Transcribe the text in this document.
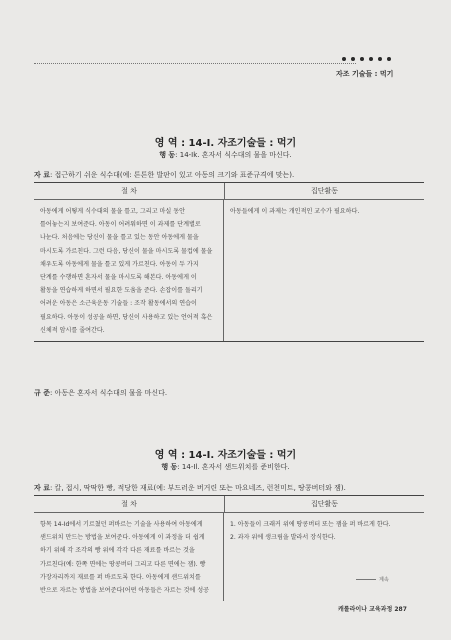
자조 기술들 : 먹기
영 역 : 14-Ⅰ. 자조기술들 : 먹기
행 동: 14-Ⅰk. 혼자서 식수대의 물을 마신다.
자 료: 접근하기 쉬운 식수대(예: 튼튼한 발판이 있고 아동의 크기와 표준규격에 맞는).
절 차	집단활동
아동에게 어떻게 식수대의 물을 틀고, 그리고 마실 동안 틀어놓는지 보여준다. 아동이 어려워하면 이 과제를 단계별로 나눈다. 처음에는 당신이 물을 틀고 있는 동안 아동에게 물을 마시도록 가르친다. 그런 다음, 당신이 물을 마시도록 물컵에 물을 채우도록 아동에게 물을 틀고 있게 가르친다. 아동이 두 가지 단계를 수행하면 혼자서 물을 마시도록 해본다. 아동에게 이 활동을 연습하게 하면서 필요한 도움을 준다. 손잡이를 돌리기 어려운 아동은 소근육운동 기술들 : 조작 활동에서의 연습이 필요하다. 아동이 성공을 하면, 당신이 사용하고 있는 언어적 혹은 신체적 암시를 줄여간다.
아동들에게 이 과제는 개인적인 교수가 필요하다.
규 준: 아동은 혼자서 식수대의 물을 마신다.
영 역 : 14-Ⅰ. 자조기술들 : 먹기
행 동: 14-Ⅰl. 혼자서 샌드위치를 준비한다.
자 료: 칼, 접시, 딱딱한 빵, 적당한 재료(예: 부드러운 버거린 또는 마요네즈, 런천미트, 땅콩버터와 잼).
절 차	집단활동
항목 14-Ⅰd에서 기르쳤던 퍼바르는 기술을 사용하여 아동에게 샌드위치 만드는 방법을 보여준다. 아동에게 이 과정을 더 쉽게 하기 위해 각 조각의 빵 위에 각각 다른 재료를 바르는 것을 가르친다(예: 한쪽 면에는 땅콩버터 그리고 다른 면에는 잼). 빵 가장자리까지 재료를 퍼 바르도록 한다. 아동에게 샌드위치를 반으로 자르는 방법을 보여준다(어떤 아동들은 자르는 것에 성공
1. 아동들이 크래커 위에 땅콩버터 또는 잼을 퍼 바르게 한다.
2. 과자 위에 생크림을 발라서 장식한다.
계속
캐롤라이나 교육과정 287
